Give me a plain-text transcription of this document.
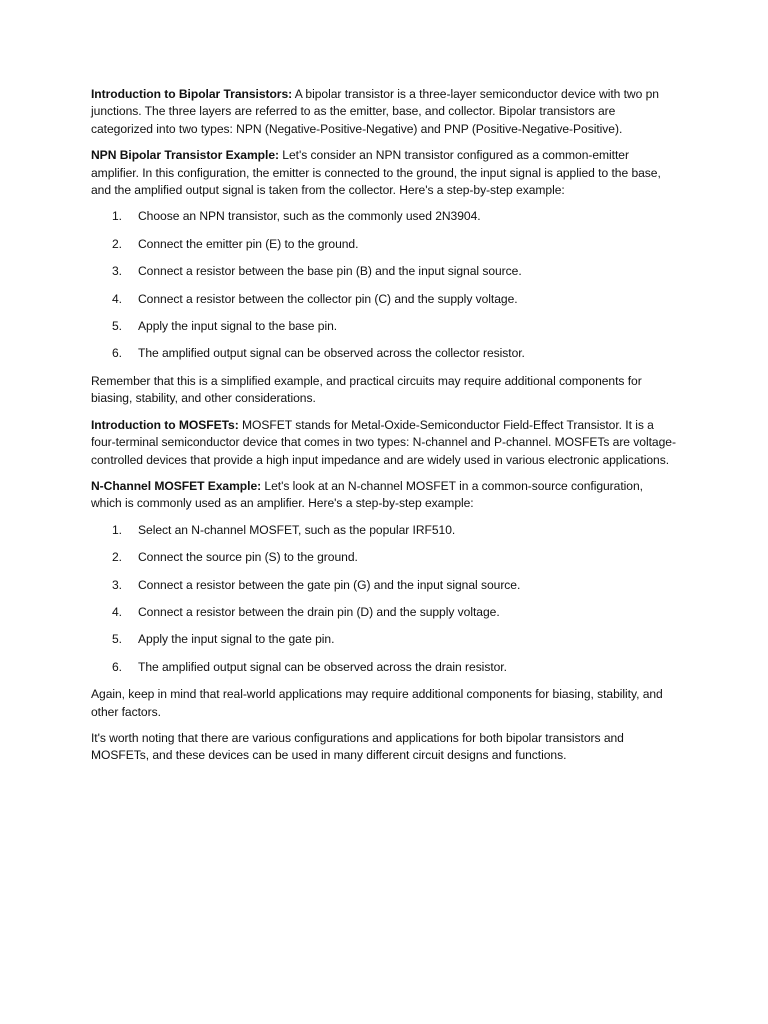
Introduction to Bipolar Transistors: A bipolar transistor is a three-layer semiconductor device with two pn junctions. The three layers are referred to as the emitter, base, and collector. Bipolar transistors are categorized into two types: NPN (Negative-Positive-Negative) and PNP (Positive-Negative-Positive).

NPN Bipolar Transistor Example: Let's consider an NPN transistor configured as a common-emitter amplifier. In this configuration, the emitter is connected to the ground, the input signal is applied to the base, and the amplified output signal is taken from the collector. Here's a step-by-step example:

1. Choose an NPN transistor, such as the commonly used 2N3904.
2. Connect the emitter pin (E) to the ground.
3. Connect a resistor between the base pin (B) and the input signal source.
4. Connect a resistor between the collector pin (C) and the supply voltage.
5. Apply the input signal to the base pin.
6. The amplified output signal can be observed across the collector resistor.

Remember that this is a simplified example, and practical circuits may require additional components for biasing, stability, and other considerations.

Introduction to MOSFETs: MOSFET stands for Metal-Oxide-Semiconductor Field-Effect Transistor. It is a four-terminal semiconductor device that comes in two types: N-channel and P-channel. MOSFETs are voltage-controlled devices that provide a high input impedance and are widely used in various electronic applications.

N-Channel MOSFET Example: Let's look at an N-channel MOSFET in a common-source configuration, which is commonly used as an amplifier. Here's a step-by-step example:

1. Select an N-channel MOSFET, such as the popular IRF510.
2. Connect the source pin (S) to the ground.
3. Connect a resistor between the gate pin (G) and the input signal source.
4. Connect a resistor between the drain pin (D) and the supply voltage.
5. Apply the input signal to the gate pin.
6. The amplified output signal can be observed across the drain resistor.

Again, keep in mind that real-world applications may require additional components for biasing, stability, and other factors.

It's worth noting that there are various configurations and applications for both bipolar transistors and MOSFETs, and these devices can be used in many different circuit designs and functions.
